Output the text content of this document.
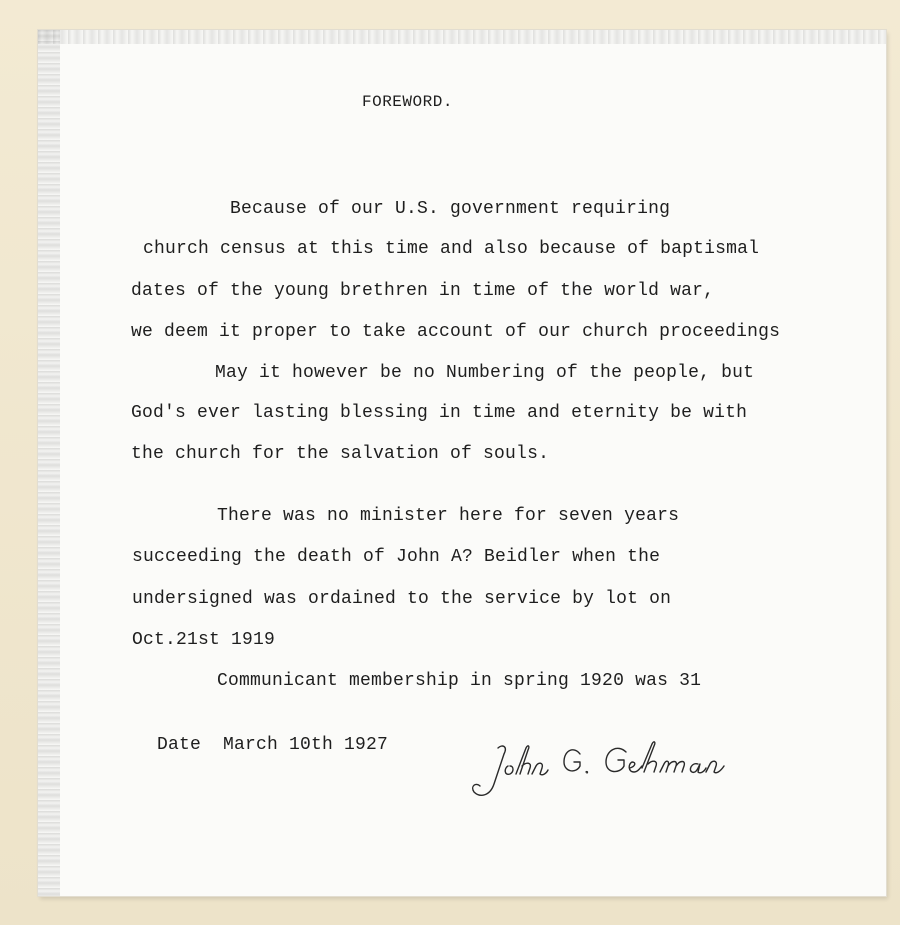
FOREWORD.
Because of our U.S. government requiring
church census at this time and also because of baptismal
dates of the young brethren in time of the world war,
we deem it proper to take account of our church proceedings
May it however be no Numbering of the people, but
God's ever lasting blessing in time and eternity be with
the church for the salvation of souls.
There was no minister here for seven years
succeeding the death of John A? Beidler when the
undersigned was ordained to the service by lot on
Oct.21st 1919
Communicant membership in spring 1920 was 31
Date  March 10th 1927
